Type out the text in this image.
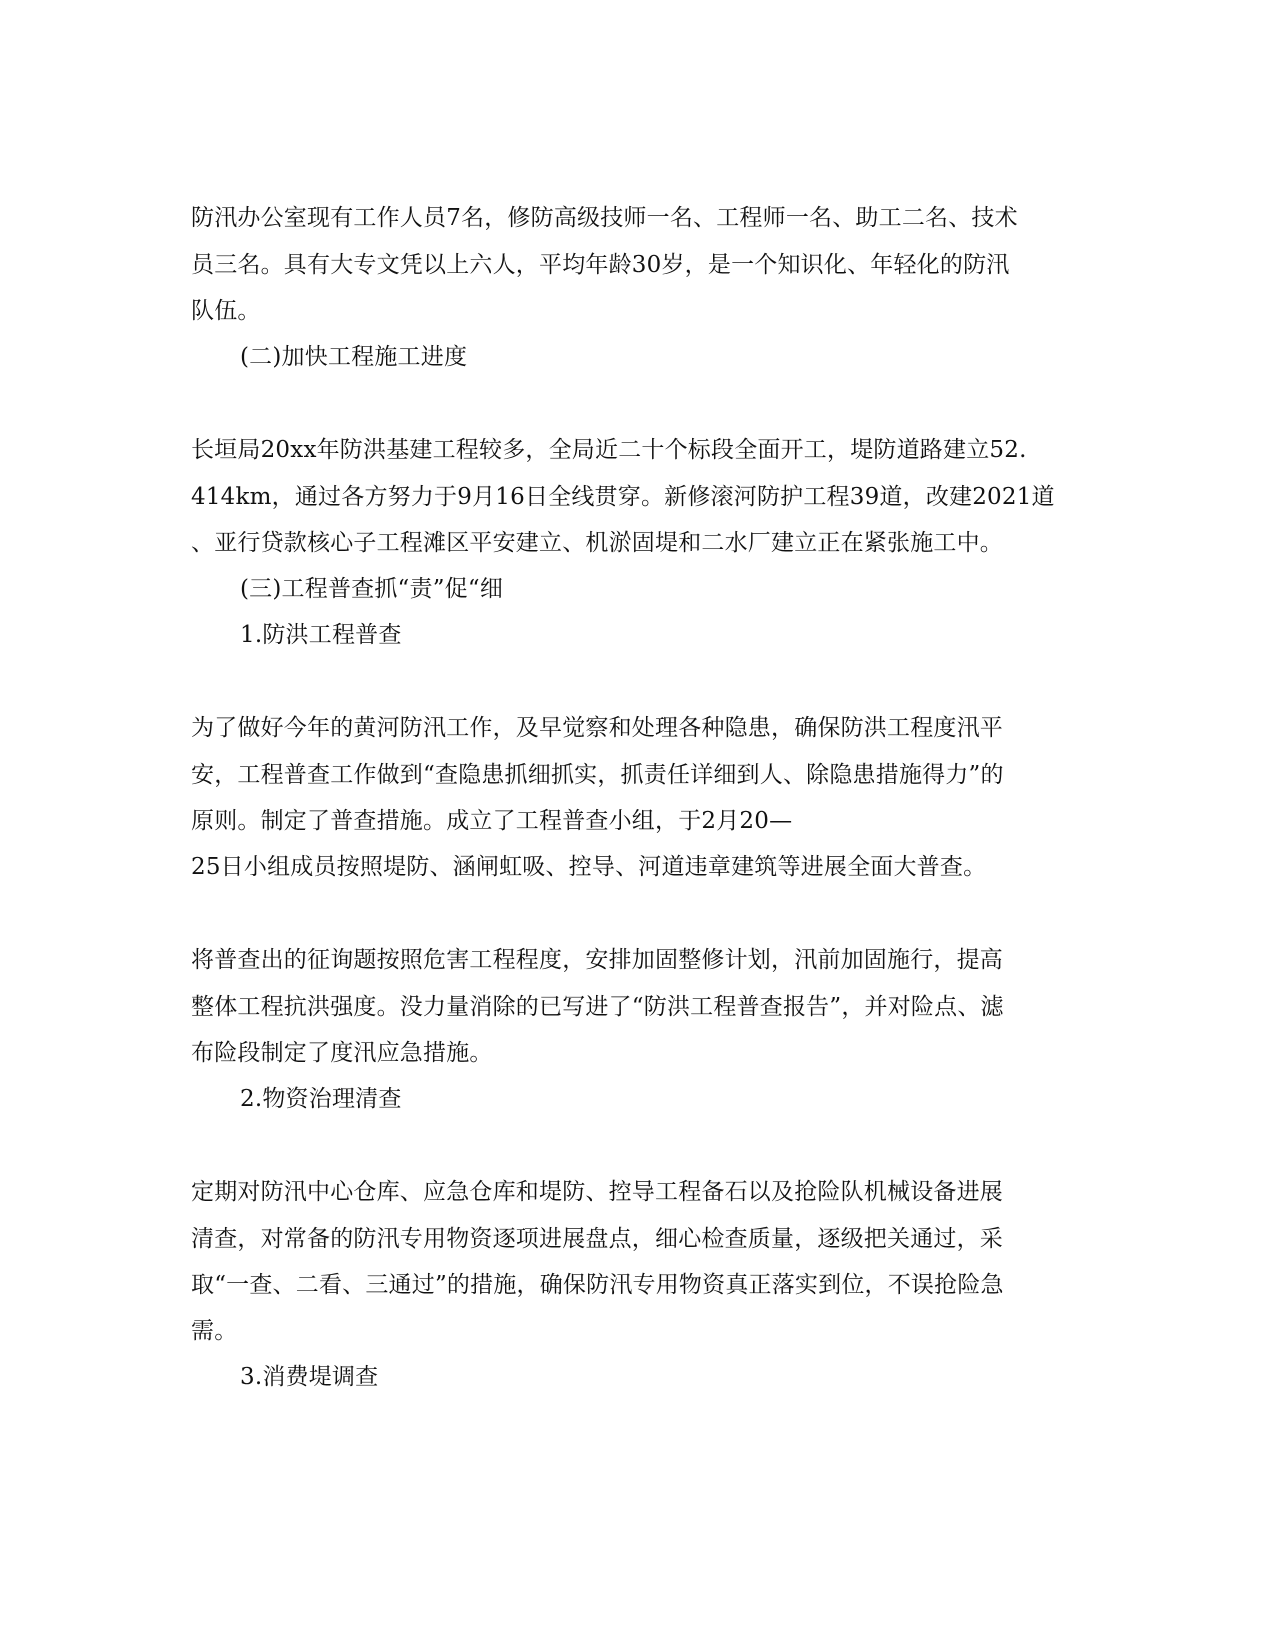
防汛办公室现有工作人员7名，修防高级技师一名、工程师一名、助工二名、技术
员三名。具有大专文凭以上六人，平均年龄30岁，是一个知识化、年轻化的防汛
队伍。
(二)加快工程施工进度
长垣局20xx年防洪基建工程较多，全局近二十个标段全面开工，堤防道路建立52.
414km，通过各方努力于9月16日全线贯穿。新修滚河防护工程39道，改建2021道
、亚行贷款核心子工程滩区平安建立、机淤固堤和二水厂建立正在紧张施工中。
(三)工程普查抓“责”促“细
1.防洪工程普查
为了做好今年的黄河防汛工作，及早觉察和处理各种隐患，确保防洪工程度汛平
安，工程普查工作做到“查隐患抓细抓实，抓责任详细到人、除隐患措施得力”的
原则。制定了普查措施。成立了工程普查小组，于2月20—
25日小组成员按照堤防、涵闸虹吸、控导、河道违章建筑等进展全面大普查。
将普查出的征询题按照危害工程程度，安排加固整修计划，汛前加固施行，提高
整体工程抗洪强度。没力量消除的已写进了“防洪工程普查报告”，并对险点、滤
布险段制定了度汛应急措施。
2.物资治理清查
定期对防汛中心仓库、应急仓库和堤防、控导工程备石以及抢险队机械设备进展
清查，对常备的防汛专用物资逐项进展盘点，细心检查质量，逐级把关通过，采
取“一查、二看、三通过”的措施，确保防汛专用物资真正落实到位，不误抢险急
需。
3.消费堤调查
